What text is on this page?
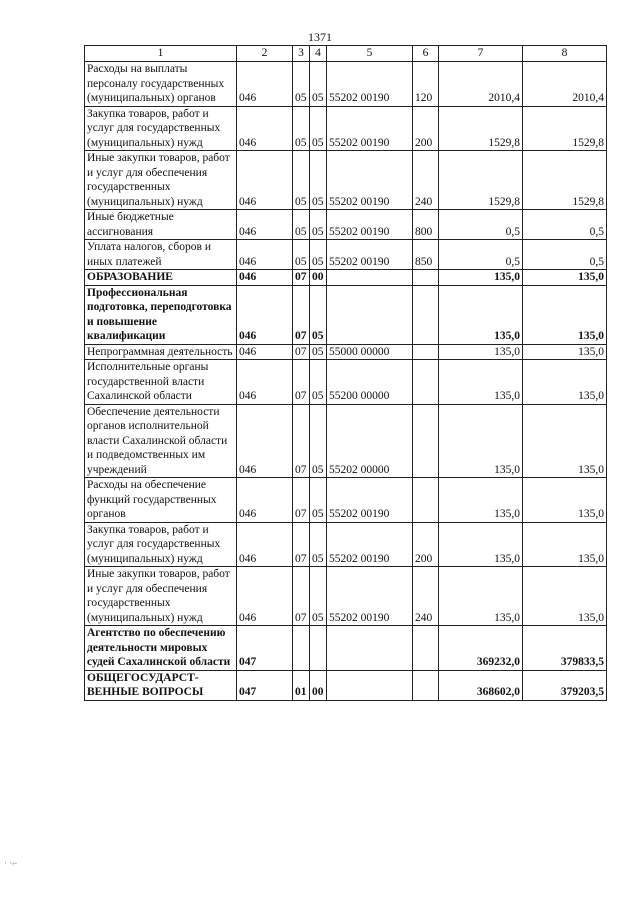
1371
1	2	3	4	5	6	7	8
Расходы на выплаты персоналу государственных (муниципальных) органов	046	05	05	55202 00190	120	2010,4	2010,4
Закупка товаров, работ и услуг для государственных (муниципальных) нужд	046	05	05	55202 00190	200	1529,8	1529,8
Иные закупки товаров, работ и услуг для обеспечения государственных (муниципальных) нужд	046	05	05	55202 00190	240	1529,8	1529,8
Иные бюджетные ассигнования	046	05	05	55202 00190	800	0,5	0,5
Уплата налогов, сборов и иных платежей	046	05	05	55202 00190	850	0,5	0,5
ОБРАЗОВАНИЕ	046	07	00			135,0	135,0
Профессиональная подготовка, переподготовка и повышение квалификации	046	07	05			135,0	135,0
Непрограммная деятельность	046	07	05	55000 00000		135,0	135,0
Исполнительные органы государственной власти Сахалинской области	046	07	05	55200 00000		135,0	135,0
Обеспечение деятельности органов исполнительной власти Сахалинской области и подведомственных им учреждений	046	07	05	55202 00000		135,0	135,0
Расходы на обеспечение функций государственных органов	046	07	05	55202 00190		135,0	135,0
Закупка товаров, работ и услуг для государственных (муниципальных) нужд	046	07	05	55202 00190	200	135,0	135,0
Иные закупки товаров, работ и услуг для обеспечения государственных (муниципальных) нужд	046	07	05	55202 00190	240	135,0	135,0
Агентство по обеспечению деятельности мировых судей Сахалинской области	047					369232,0	379833,5
ОБЩЕГОСУДАРСТ-ВЕННЫЕ ВОПРОСЫ	047	01	00			368602,0	379203,5
· ·⌐
